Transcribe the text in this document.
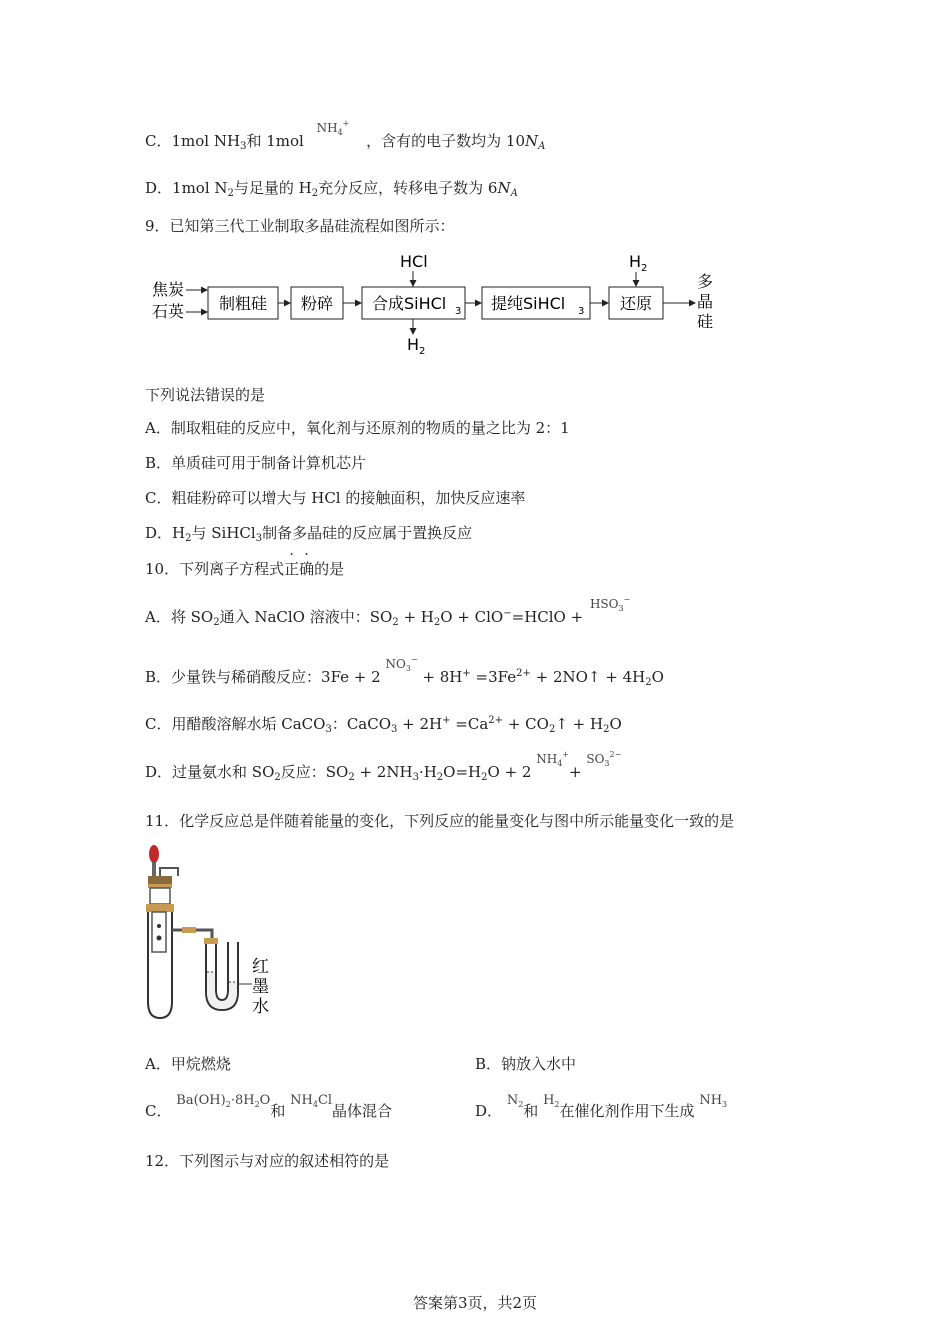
C．1mol $NH_3$和 1mol $^{NH_4^+}$ ，含有的电子数均为 $10N_A$
D．1mol $N_2$与足量的 $H_2$充分反应，转移电子数为 $6N_A$
9．已知第三代工业制取多晶硅流程如图所示：
焦炭
石英 制粗硅 粉碎 合成SiHCl 3
HCl
H 2
提纯SiHCl 3 还原
H 2
多
晶
硅
下列说法错误的是
A．制取粗硅的反应中，氧化剂与还原剂的物质的量之比为 2：1
B．单质硅可用于制备计算机芯片
C．粗硅粉碎可以增大与 HCl 的接触面积，加快反应速率
D．$H_2$与 SiHCl$_3$制备多晶硅的反应属于置换反应
10．下列离子方程式正确的是
A．将 $SO_2$通入 NaClO 溶液中：$SO_2 + H_2O$ + ClO−=HClO + $^{HSO_3^-}$
B．少量铁与稀硝酸反应：3Fe + 2 $^{NO_3^-} + 8H^+ =3Fe^{2+}$ + 2NO↑ + $4H_2O$
C．用醋酸溶解水垢 CaCO$_3$：CaCO$_3$ + $2H^+ =Ca^{2+}$ + $CO_2↑ + H_2O$
D．过量氨水和 $SO_2$反应：$SO_2 + 2NH_3\cdot H_2O=H_2O + 2$ $^{NH_4^+}$+ $^{SO_3^{2-}}$
11．化学反应总是伴随着能量的变化，下列反应的能量变化与图中所示能量变化一致的是
红
墨
水
A．甲烷燃烧	B．钠放入水中
C． $Ba(OH)_2\cdot 8H_2O$和 $NH_4Cl$晶体混合	D． $N_2$和 $H_2$在催化剂作用下生成 $NH_3$
12．下列图示与对应的叙述相符的是
答案第3页，共2页
